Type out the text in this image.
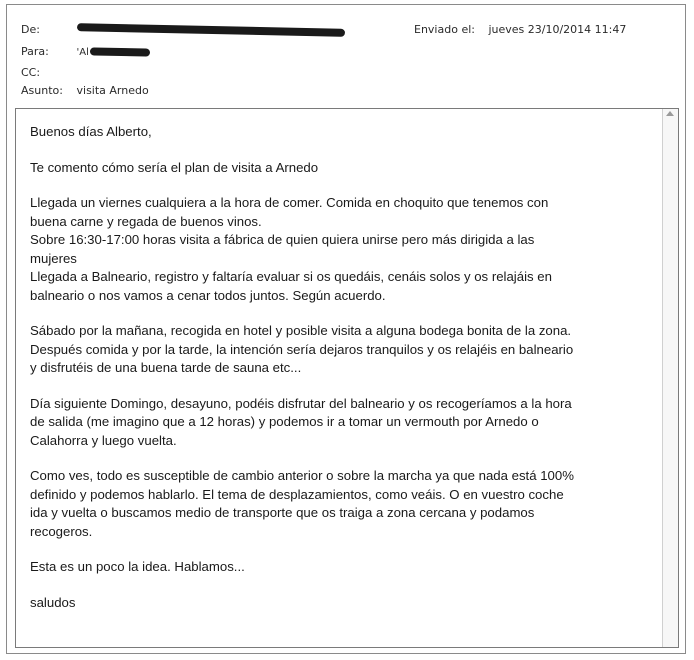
De:	Enviado el: jueves 23/10/2014 11:47
Para:	'Al
CC:
Asunto: visita Arnedo

Buenos días Alberto,

Te comento cómo sería el plan de visita a Arnedo

Llegada un viernes cualquiera a la hora de comer. Comida en choquito que tenemos con
buena carne y regada de buenos vinos.
Sobre 16:30-17:00 horas visita a fábrica de quien quiera unirse pero más dirigida a las
mujeres
Llegada a Balneario, registro y faltaría evaluar si os quedáis, cenáis solos y os relajáis en
balneario o nos vamos a cenar todos juntos. Según acuerdo.

Sábado por la mañana, recogida en hotel y posible visita a alguna bodega bonita de la zona.
Después comida y por la tarde, la intención sería dejaros tranquilos y os relajéis en balneario
y disfrutéis de una buena tarde de sauna etc...

Día siguiente Domingo, desayuno, podéis disfrutar del balneario y os recogeríamos a la hora
de salida (me imagino que a 12 horas) y podemos ir a tomar un vermouth por Arnedo o
Calahorra y luego vuelta.

Como ves, todo es susceptible de cambio anterior o sobre la marcha ya que nada está 100%
definido y podemos hablarlo. El tema de desplazamientos, como veáis. O en vuestro coche
ida y vuelta o buscamos medio de transporte que os traiga a zona cercana y podamos
recogeros.

Esta es un poco la idea. Hablamos...

saludos
